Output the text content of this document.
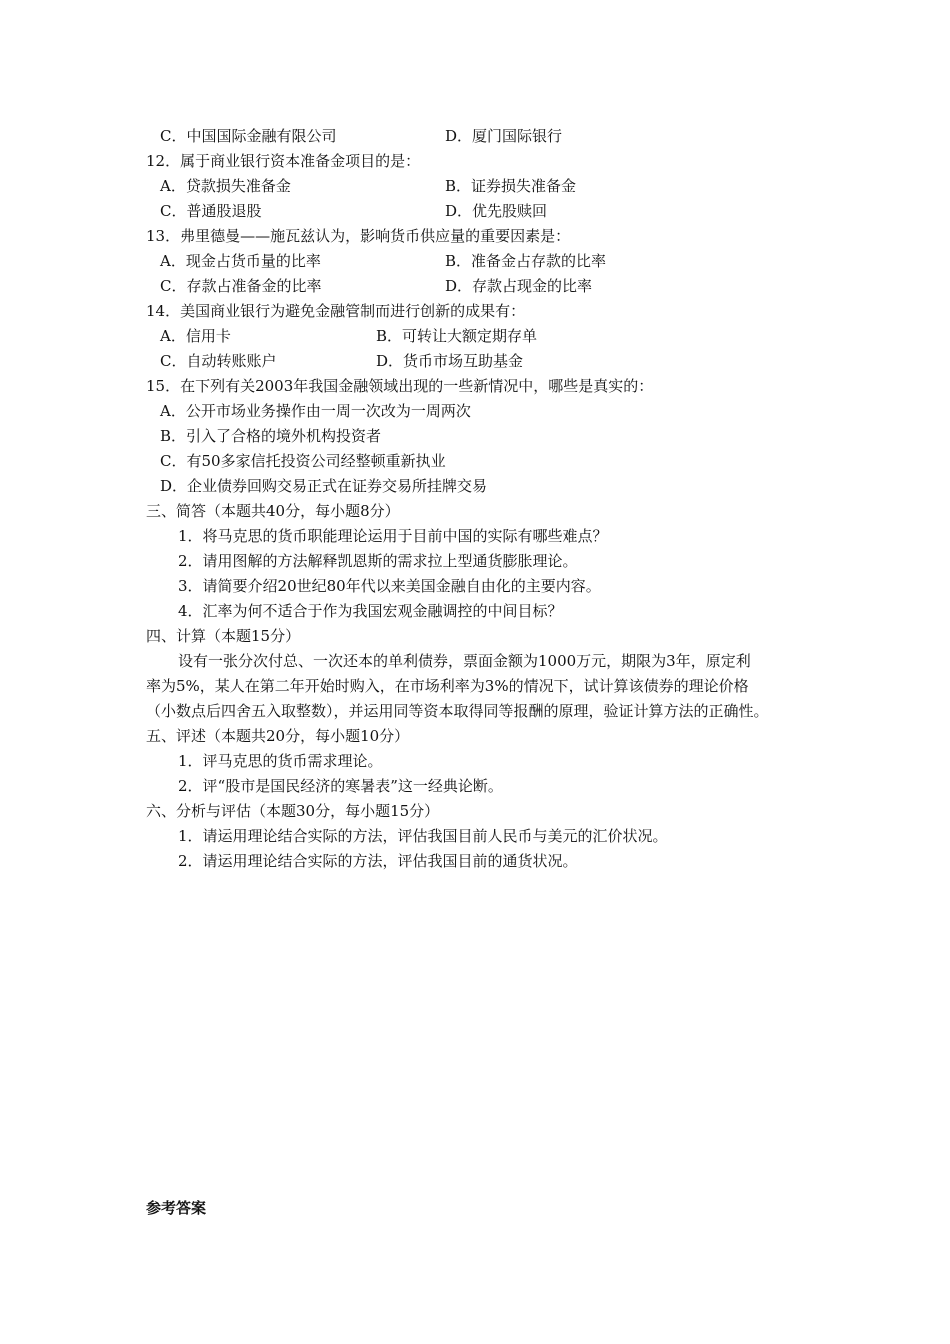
C．中国国际金融有限公司	D．厦门国际银行
12．属于商业银行资本准备金项目的是：
A．贷款损失准备金	B．证券损失准备金
C．普通股退股	D．优先股赎回
13．弗里德曼——施瓦兹认为，影响货币供应量的重要因素是：
A．现金占货币量的比率	B．准备金占存款的比率
C．存款占准备金的比率	D．存款占现金的比率
14．美国商业银行为避免金融管制而进行创新的成果有：
A．信用卡	B．可转让大额定期存单
C．自动转账账户	D．货币市场互助基金
15．在下列有关2003年我国金融领域出现的一些新情况中，哪些是真实的：
A．公开市场业务操作由一周一次改为一周两次
B．引入了合格的境外机构投资者
C．有50多家信托投资公司经整顿重新执业
D．企业债券回购交易正式在证券交易所挂牌交易
三、简答（本题共40分，每小题8分）
1．将马克思的货币职能理论运用于目前中国的实际有哪些难点？
2．请用图解的方法解释凯恩斯的需求拉上型通货膨胀理论。
3．请简要介绍20世纪80年代以来美国金融自由化的主要内容。
4．汇率为何不适合于作为我国宏观金融调控的中间目标？
四、计算（本题15分）
设有一张分次付总、一次还本的单利债券，票面金额为1000万元，期限为3年，原定利
率为5%，某人在第二年开始时购入，在市场利率为3%的情况下，试计算该债券的理论价格
（小数点后四舍五入取整数），并运用同等资本取得同等报酬的原理，验证计算方法的正确性。
五、评述（本题共20分，每小题10分）
1．评马克思的货币需求理论。
2．评“股市是国民经济的寒暑表”这一经典论断。
六、分析与评估（本题30分，每小题15分）
1．请运用理论结合实际的方法，评估我国目前人民币与美元的汇价状况。
2．请运用理论结合实际的方法，评估我国目前的通货状况。
参考答案
